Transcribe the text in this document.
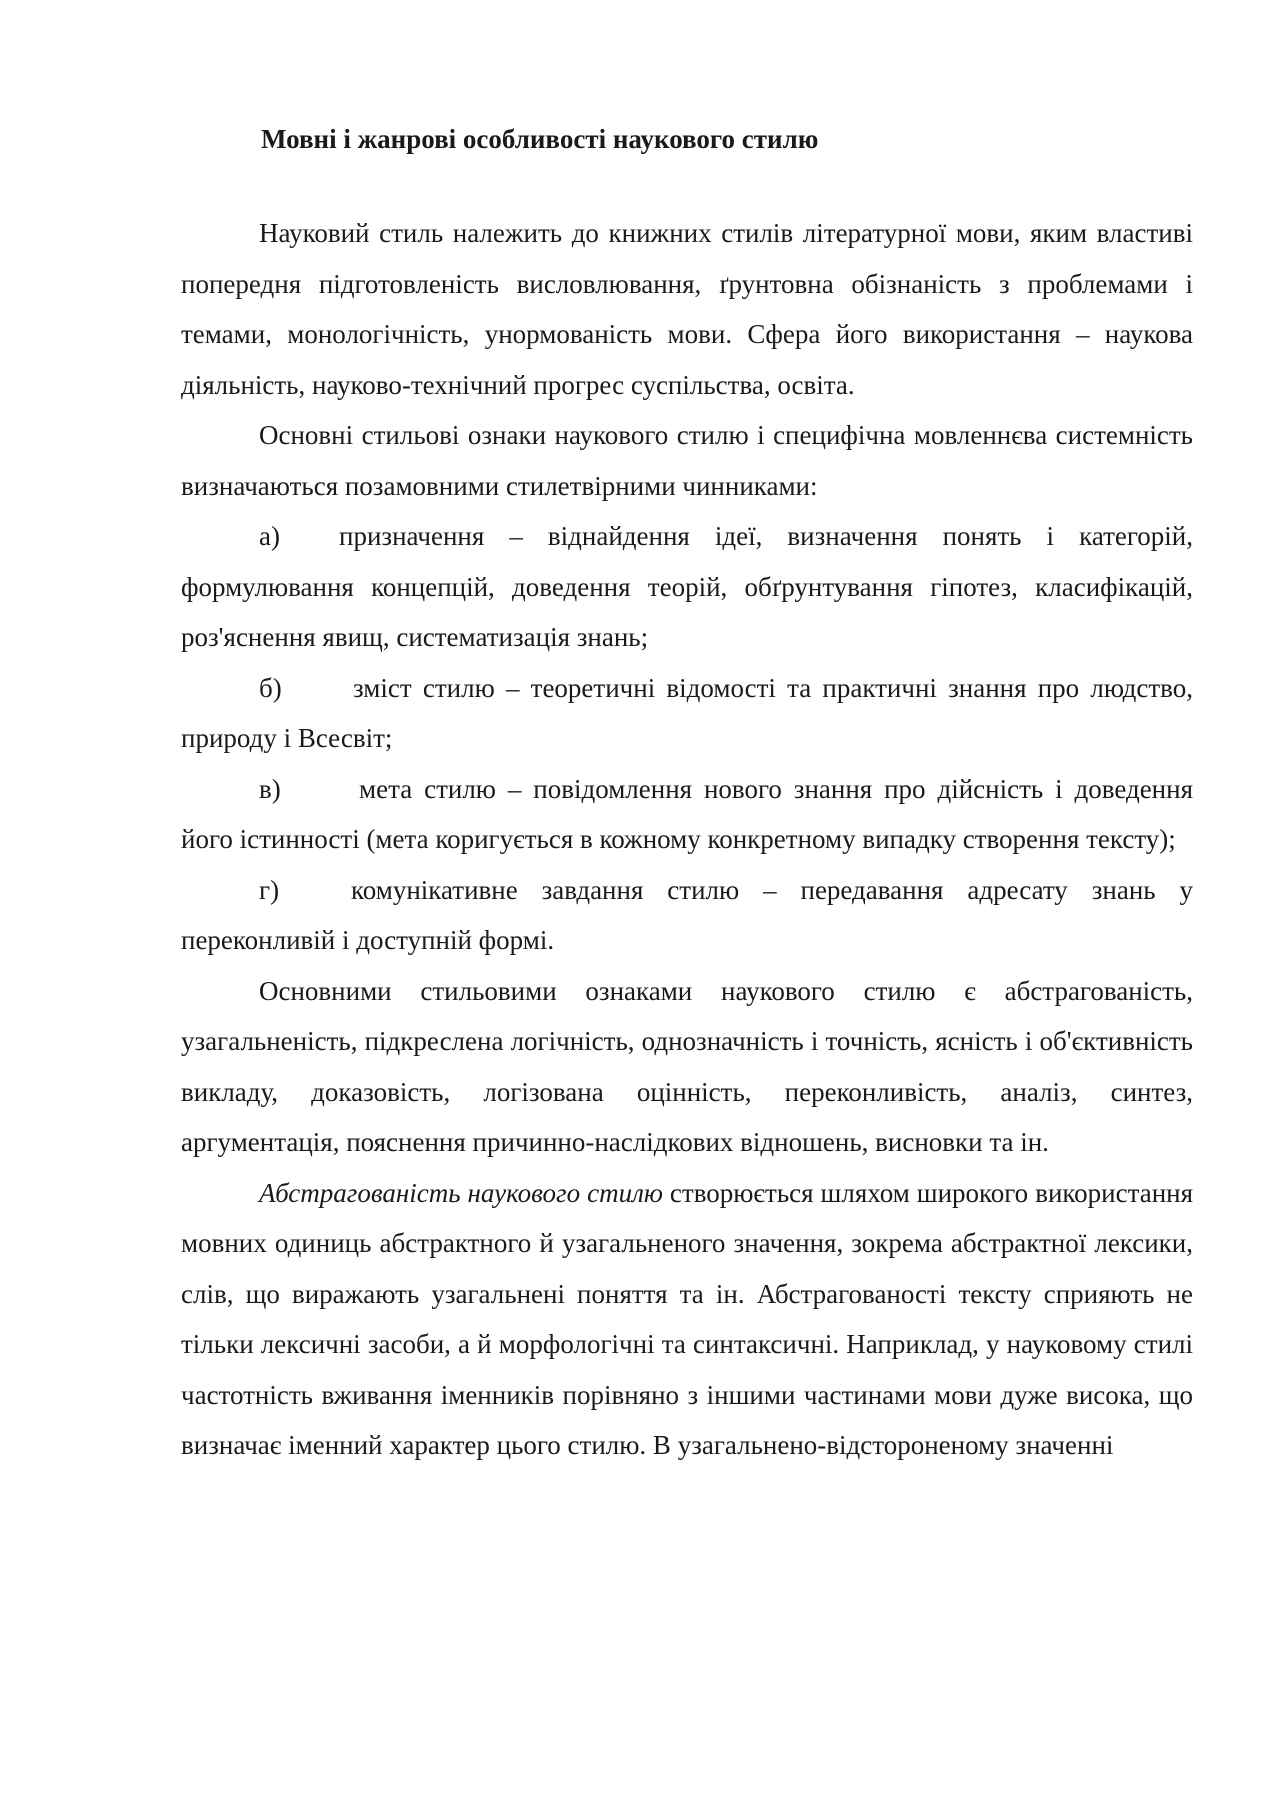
Мовні і жанрові особливості наукового стилю

Науковий стиль належить до книжних стилів літературної мови, яким властиві попередня підготовленість висловлювання, ґрунтовна обізнаність з проблемами і темами, монологічність, унормованість мови. Сфера його використання – наукова діяльність, науково-технічний прогрес суспільства, освіта.

Основні стильові ознаки наукового стилю і специфічна мовленнєва системність визначаються позамовними стилетвірними чинниками:

а) призначення – віднайдення ідеї, визначення понять і категорій, формулювання концепцій, доведення теорій, обґрунтування гіпотез, класифікацій, роз'яснення явищ, систематизація знань;

б)	зміст стилю – теоретичні відомості та практичні знання про людство, природу і Всесвіт;

в)	мета стилю – повідомлення нового знання про дійсність і доведення його істинності (мета коригується в кожному конкретному випадку створення тексту);

г)	комунікативне завдання стилю – передавання адресату знань у переконливій і доступній формі.

Основними стильовими ознаками наукового стилю є абстрагованість, узагальненість, підкреслена логічність, однозначність і точність, ясність і об'єктивність викладу, доказовість, логізована оцінність, переконливість, аналіз, синтез, аргументація, пояснення причинно-наслідкових відношень, висновки та ін.

Абстрагованість наукового стилю створюється шляхом широкого використання мовних одиниць абстрактного й узагальненого значення, зокрема абстрактної лексики, слів, що виражають узагальнені поняття та ін. Абстрагованості тексту сприяють не тільки лексичні засоби, а й морфологічні та синтаксичні. Наприклад, у науковому стилі частотність вживання іменників порівняно з іншими частинами мови дуже висока, що визначає іменний характер цього стилю. В узагальнено-відстороненому значенні
